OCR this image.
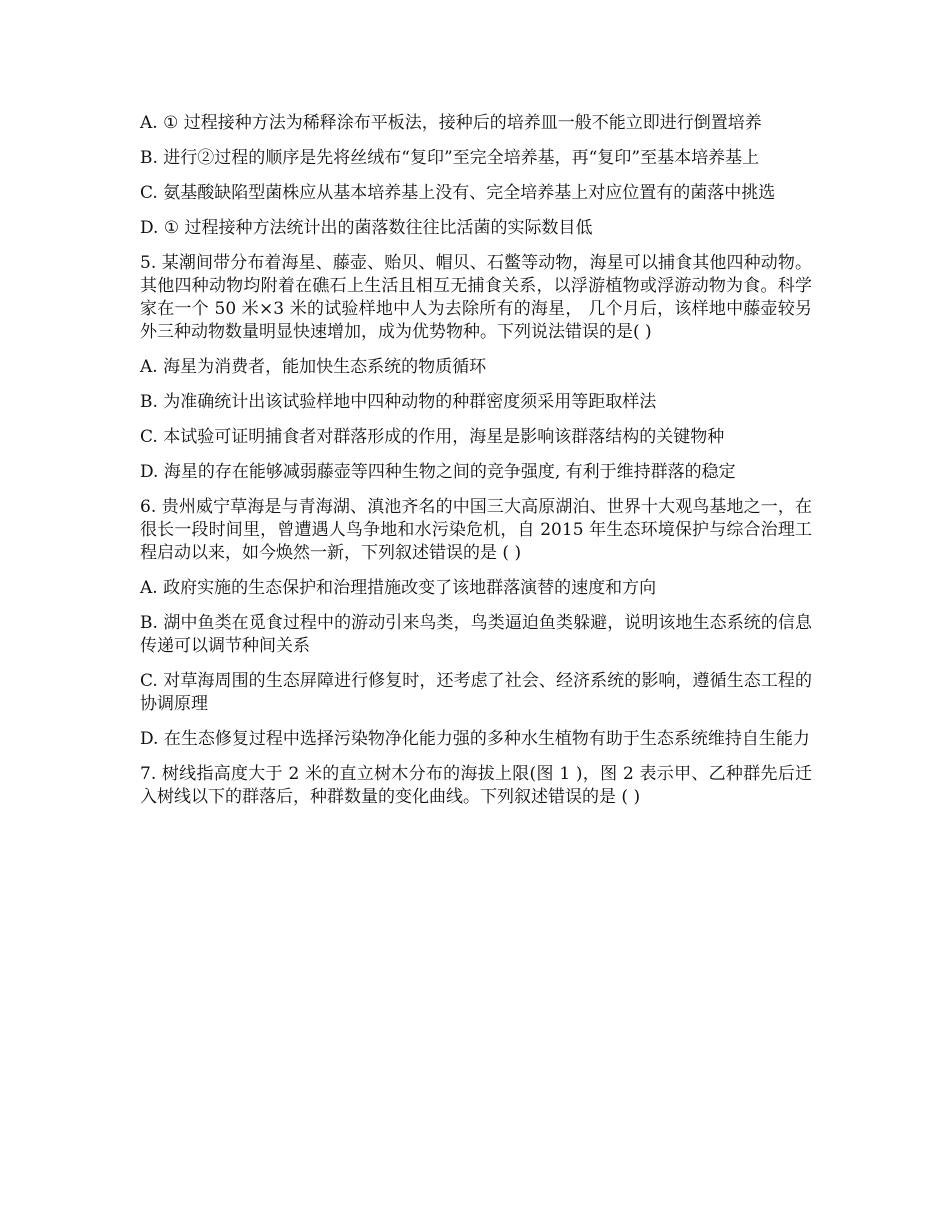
A. ① 过程接种方法为稀释涂布平板法，接种后的培养皿一般不能立即进行倒置培养

B. 进行②过程的顺序是先将丝绒布“复印”至完全培养基，再“复印”至基本培养基上

C. 氨基酸缺陷型菌株应从基本培养基上没有、完全培养基上对应位置有的菌落中挑选

D. ① 过程接种方法统计出的菌落数往往比活菌的实际数目低

5. 某潮间带分布着海星、藤壶、贻贝、帽贝、石鳖等动物，海星可以捕食其他四种动物。其他四种动物均附着在礁石上生活且相互无捕食关系，以浮游植物或浮游动物为食。科学家在一个 50 米×3 米的试验样地中人为去除所有的海星， 几个月后，该样地中藤壶较另外三种动物数量明显快速增加，成为优势物种。下列说法错误的是( )

A. 海星为消费者，能加快生态系统的物质循环

B. 为准确统计出该试验样地中四种动物的种群密度须采用等距取样法

C. 本试验可证明捕食者对群落形成的作用，海星是影响该群落结构的关键物种

D. 海星的存在能够减弱藤壶等四种生物之间的竞争强度, 有利于维持群落的稳定

6. 贵州威宁草海是与青海湖、滇池齐名的中国三大高原湖泊、世界十大观鸟基地之一，在很长一段时间里，曾遭遇人鸟争地和水污染危机，自 2015 年生态环境保护与综合治理工程启动以来，如今焕然一新，下列叙述错误的是 ( )

A. 政府实施的生态保护和治理措施改变了该地群落演替的速度和方向

B. 湖中鱼类在觅食过程中的游动引来鸟类，鸟类逼迫鱼类躲避，说明该地生态系统的信息传递可以调节种间关系

C. 对草海周围的生态屏障进行修复时，还考虑了社会、经济系统的影响，遵循生态工程的协调原理

D. 在生态修复过程中选择污染物净化能力强的多种水生植物有助于生态系统维持自生能力

7. 树线指高度大于 2 米的直立树木分布的海拔上限(图 1 )，图 2 表示甲、乙种群先后迁入树线以下的群落后，种群数量的变化曲线。下列叙述错误的是 ( )
